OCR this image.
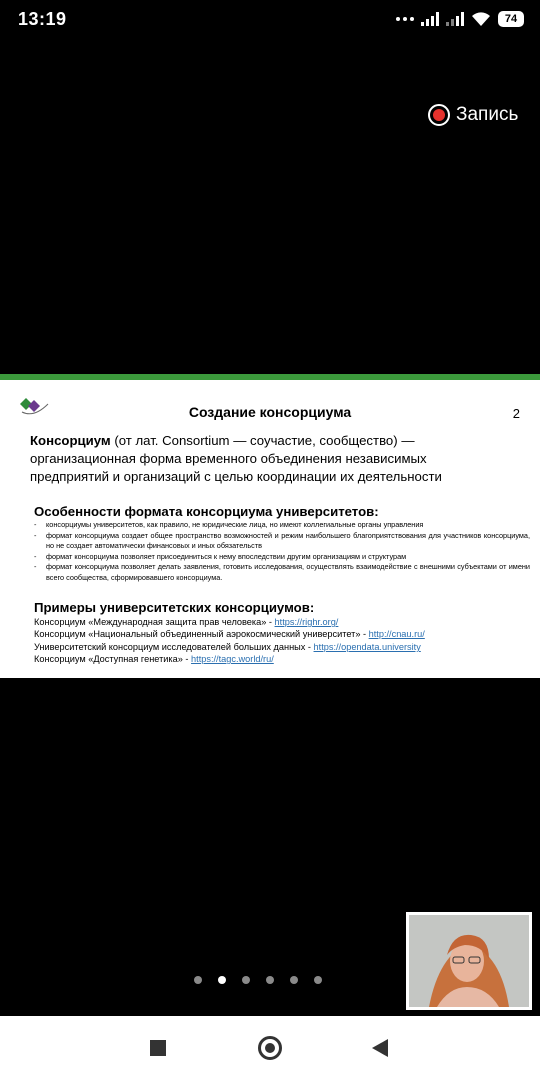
13:19	74
Запись
Создание консорциума	2
Консорциум (от лат. Consortium — соучастие, сообщество) — организационная форма временного объединения независимых предприятий и организаций с целью координации их деятельности
Особенности формата консорциума университетов:
- консорциумы университетов, как правило, не юридические лица, но имеют коллегиальные органы управления
- формат консорциума создает общее пространство возможностей и режим наибольшего благоприятствования для участников консорциума, но не создает автоматически финансовых и иных обязательств
- формат консорциума позволяет присоединиться к нему впоследствии другим организациям и структурам
- формат консорциума позволяет делать заявления, готовить исследования, осуществлять взаимодействие с внешними субъектами от имени всего сообщества, сформировавшего консорциума.
Примеры университетских консорциумов:
Консорциум «Международная защита прав человека» - https://righr.org/
Консорциум «Национальный объединенный аэрокосмический университет» - http://cnau.ru/
Университетский консорциум исследователей больших данных - https://opendata.university
Консорциум «Доступная генетика» - https://tagc.world/ru/
